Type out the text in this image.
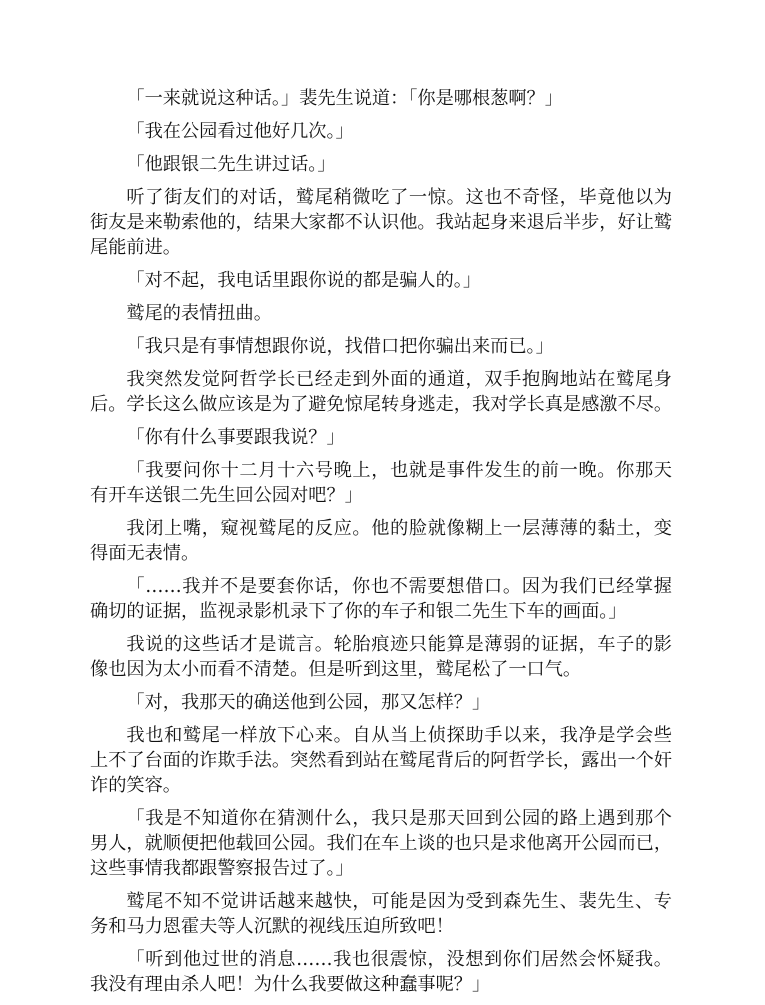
「一来就说这种话。」裴先生说道：「你是哪根葱啊？」

「我在公园看过他好几次。」

「他跟银二先生讲过话。」

听了街友们的对话，鹫尾稍微吃了一惊。这也不奇怪，毕竟他以为街友是来勒索他的，结果大家都不认识他。我站起身来退后半步，好让鹫尾能前进。

「对不起，我电话里跟你说的都是骗人的。」

鹫尾的表情扭曲。

「我只是有事情想跟你说，找借口把你骗出来而已。」

我突然发觉阿哲学长已经走到外面的通道，双手抱胸地站在鹫尾身后。学长这么做应该是为了避免惊尾转身逃走，我对学长真是感激不尽。

「你有什么事要跟我说？」

「我要问你十二月十六号晚上，也就是事件发生的前一晚。你那天有开车送银二先生回公园对吧？」

我闭上嘴，窥视鹫尾的反应。他的脸就像糊上一层薄薄的黏土，变得面无表情。

「……我并不是要套你话，你也不需要想借口。因为我们已经掌握确切的证据，监视录影机录下了你的车子和银二先生下车的画面。」

我说的这些话才是谎言。轮胎痕迹只能算是薄弱的证据，车子的影像也因为太小而看不清楚。但是听到这里，鹫尾松了一口气。

「对，我那天的确送他到公园，那又怎样？」

我也和鹫尾一样放下心来。自从当上侦探助手以来，我净是学会些上不了台面的诈欺手法。突然看到站在鹫尾背后的阿哲学长，露出一个奸诈的笑容。

「我是不知道你在猜测什么，我只是那天回到公园的路上遇到那个男人，就顺便把他载回公园。我们在车上谈的也只是求他离开公园而已，这些事情我都跟警察报告过了。」

鹫尾不知不觉讲话越来越快，可能是因为受到森先生、裴先生、专务和马力恩霍夫等人沉默的视线压迫所致吧！

「听到他过世的消息……我也很震惊，没想到你们居然会怀疑我。我没有理由杀人吧！为什么我要做这种蠢事呢？」
